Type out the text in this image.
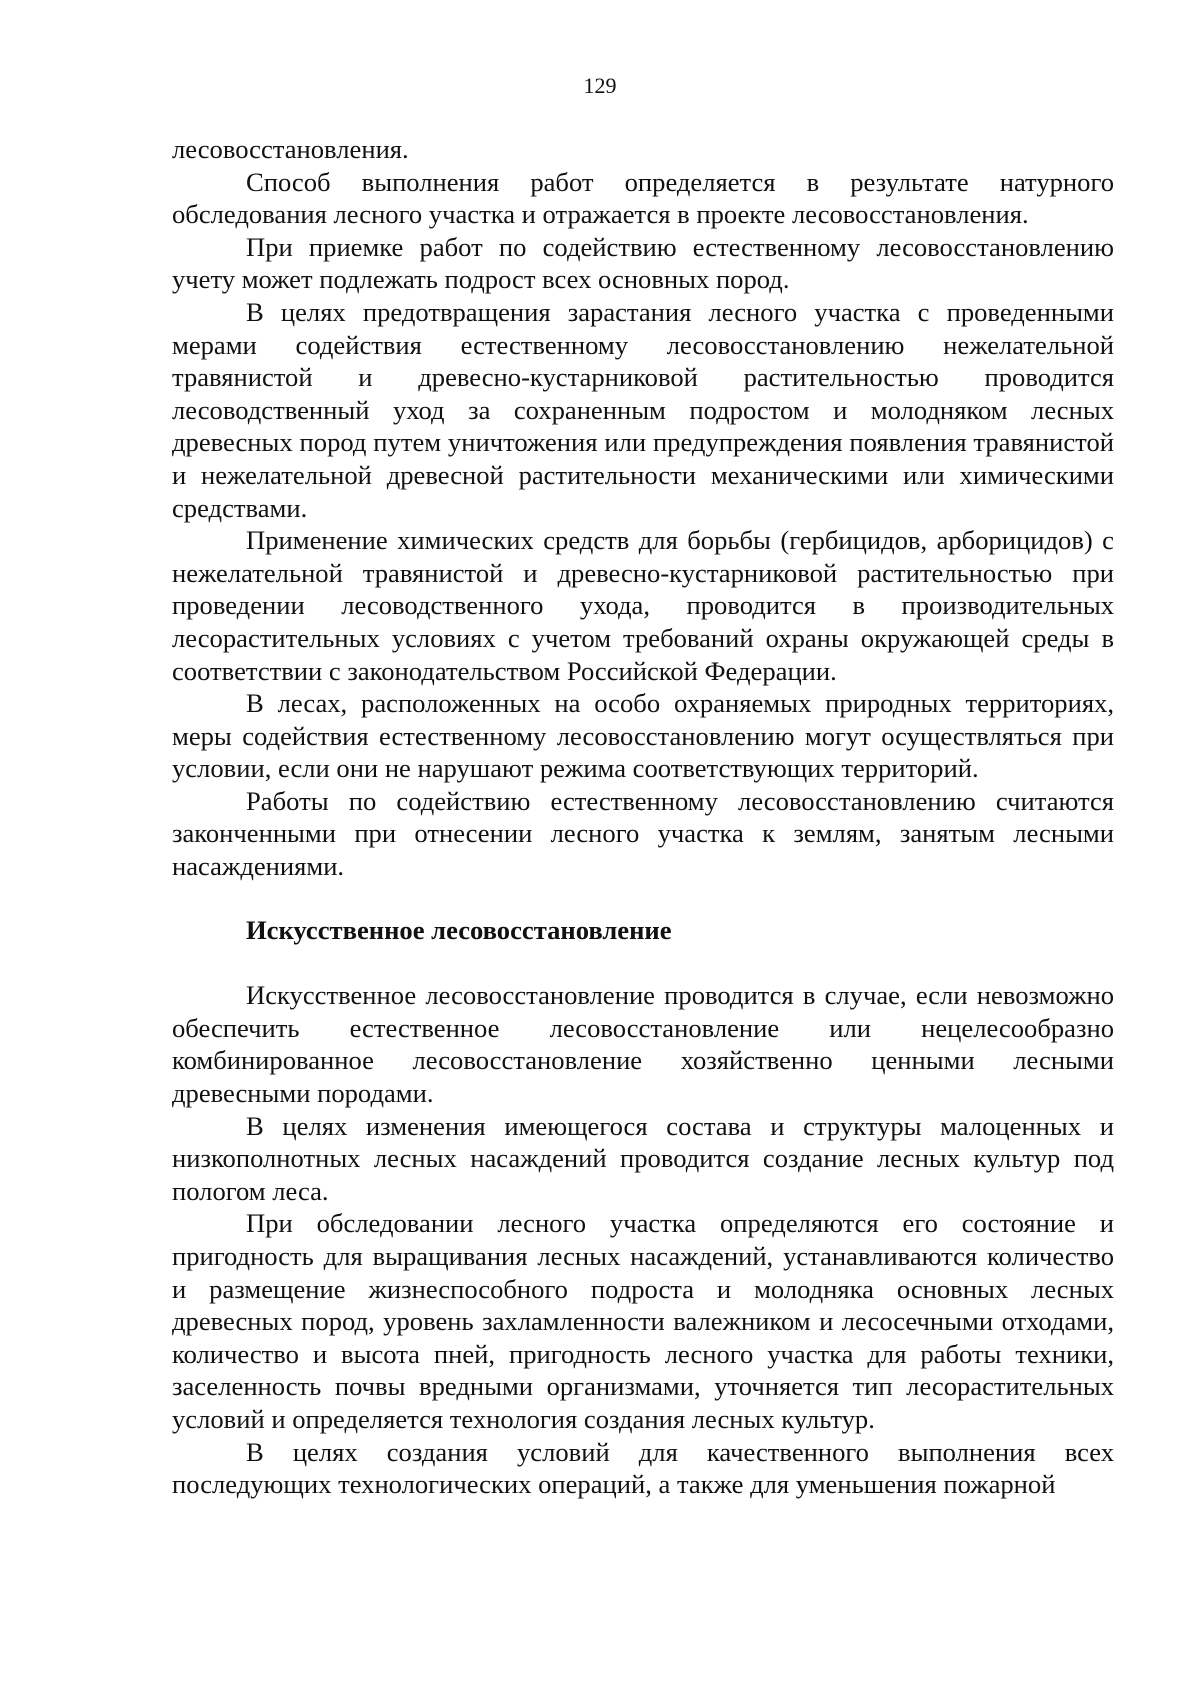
129

лесовосстановления.

Способ выполнения работ определяется в результате натурного обследования лесного участка и отражается в проекте лесовосстановления.

При приемке работ по содействию естественному лесовосстановлению учету может подлежать подрост всех основных пород.

В целях предотвращения зарастания лесного участка с проведенными мерами содействия естественному лесовосстановлению нежелательной травянистой и древесно-кустарниковой растительностью проводится лесоводственный уход за сохраненным подростом и молодняком лесных древесных пород путем уничтожения или предупреждения появления травянистой и нежелательной древесной растительности механическими или химическими средствами.

Применение химических средств для борьбы (гербицидов, арборицидов) с нежелательной травянистой и древесно-кустарниковой растительностью при проведении лесоводственного ухода, проводится в производительных лесорастительных условиях с учетом требований охраны окружающей среды в соответствии с законодательством Российской Федерации.

В лесах, расположенных на особо охраняемых природных территориях, меры содействия естественному лесовосстановлению могут осуществляться при условии, если они не нарушают режима соответствующих территорий.

Работы по содействию естественному лесовосстановлению считаются законченными при отнесении лесного участка к землям, занятым лесными насаждениями.

Искусственное лесовосстановление

Искусственное лесовосстановление проводится в случае, если невозможно обеспечить естественное лесовосстановление или нецелесообразно комбинированное лесовосстановление хозяйственно ценными лесными древесными породами.

В целях изменения имеющегося состава и структуры малоценных и низкополнотных лесных насаждений проводится создание лесных культур под пологом леса.

При обследовании лесного участка определяются его состояние и пригодность для выращивания лесных насаждений, устанавливаются количество и размещение жизнеспособного подроста и молодняка основных лесных древесных пород, уровень захламленности валежником и лесосечными отходами, количество и высота пней, пригодность лесного участка для работы техники, заселенность почвы вредными организмами, уточняется тип лесорастительных условий и определяется технология создания лесных культур.

В целях создания условий для качественного выполнения всех последующих технологических операций, а также для уменьшения пожарной
